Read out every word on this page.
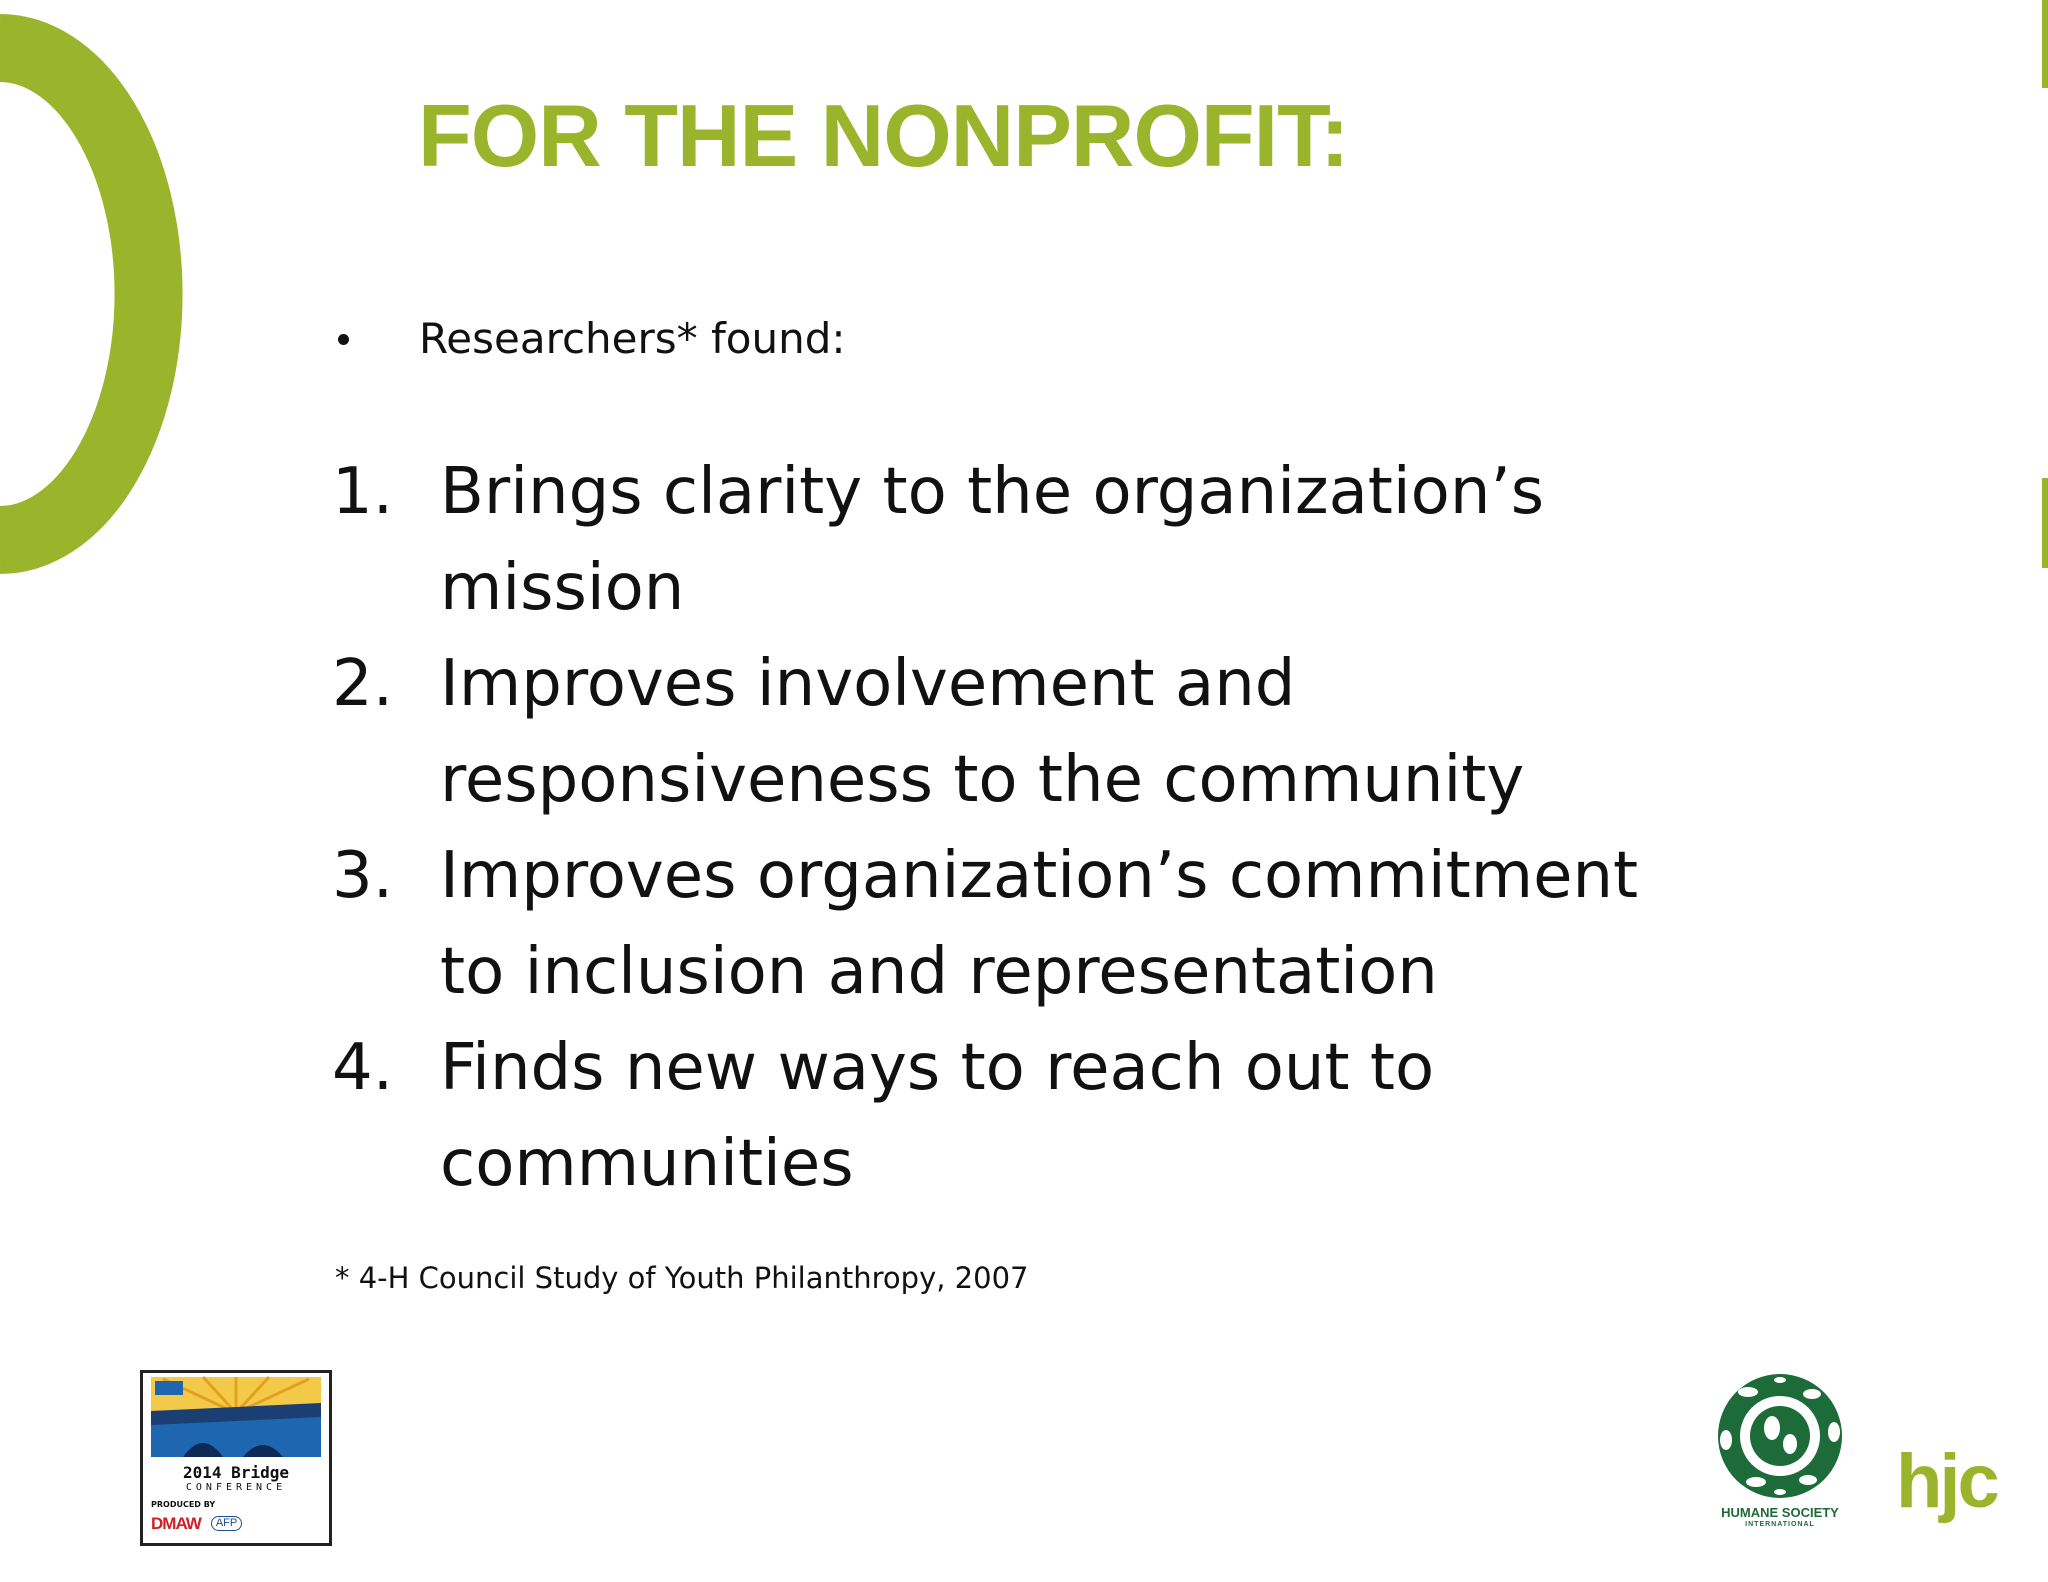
FOR THE NONPROFIT:
Researchers* found:
1. Brings clarity to the organization’s mission
2. Improves involvement and responsiveness to the community
3. Improves organization’s commitment to inclusion and representation
4. Finds new ways to reach out to communities
* 4-H Council Study of Youth Philanthropy, 2007
2014 Bridge
CONFERENCE
PRODUCED BY
DMAW	AFP
HUMANE SOCIETY
INTERNATIONAL
hjc
